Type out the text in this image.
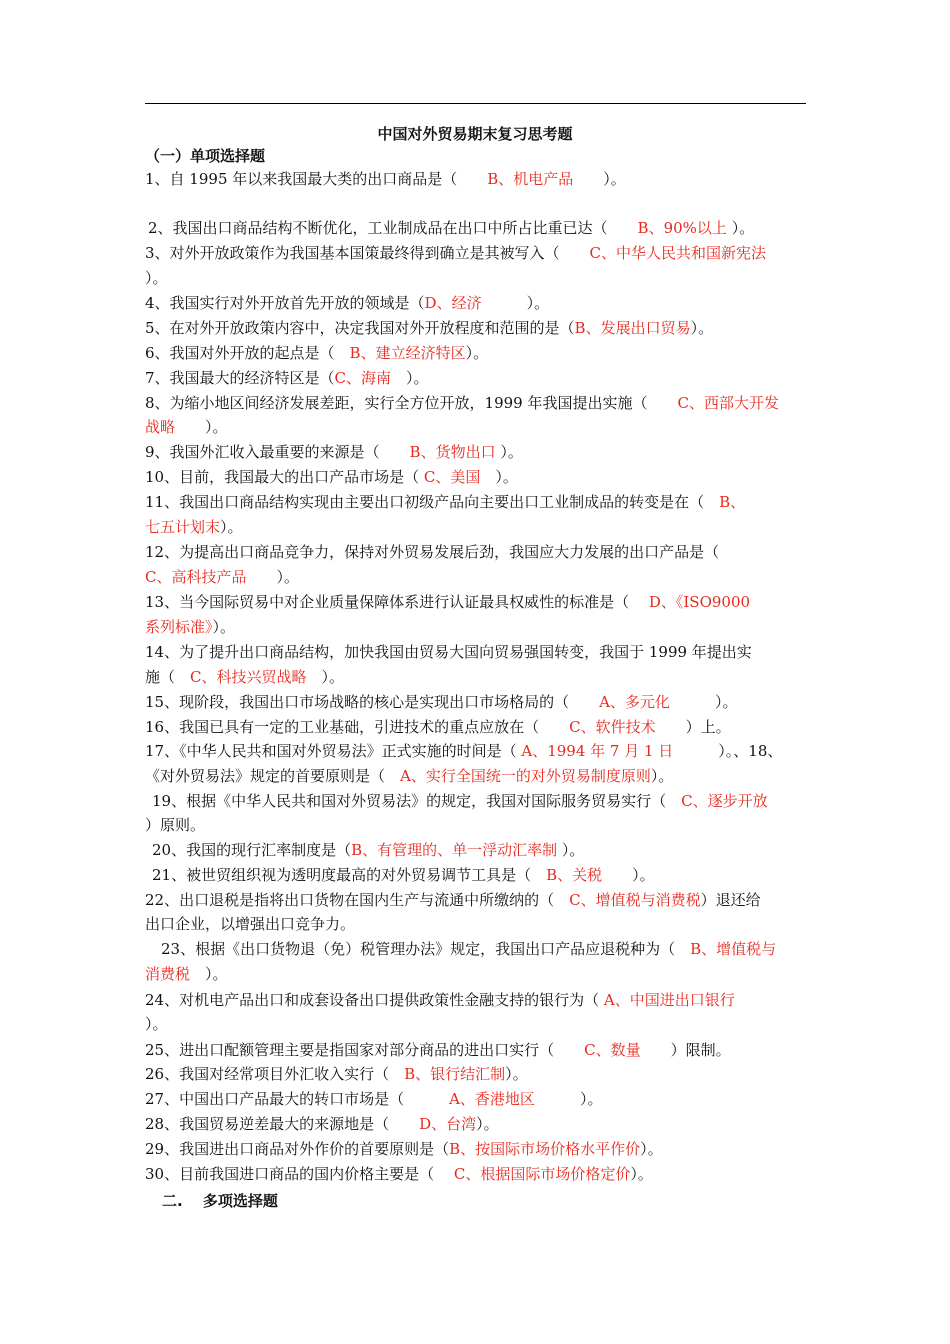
中国对外贸易期末复习思考题
（一）单项选择题
1、自 1995 年以来我国最大类的出口商品是（　　B、机电产品　　）。
2、我国出口商品结构不断优化，工业制成品在出口中所占比重已达（　　B、90%以上 ）。
3、对外开放政策作为我国基本国策最终得到确立是其被写入（　　C、中华人民共和国新宪法
）。
4、我国实行对外开放首先开放的领域是（D、经济　　　）。
5、在对外开放政策内容中，决定我国对外开放程度和范围的是（B、发展出口贸易）。
6、我国对外开放的起点是（　B、建立经济特区）。
7、我国最大的经济特区是（C、海南　）。
8、为缩小地区间经济发展差距，实行全方位开放，1999 年我国提出实施（　　C、西部大开发
战略　　）。
9、我国外汇收入最重要的来源是（　　B、货物出口 ）。
10、目前，我国最大的出口产品市场是（ C、美国　）。
11、我国出口商品结构实现由主要出口初级产品向主要出口工业制成品的转变是在（　B、
七五计划末）。
12、为提高出口商品竞争力，保持对外贸易发展后劲，我国应大力发展的出口产品是（
C、高科技产品　　）。
13、当今国际贸易中对企业质量保障体系进行认证最具权威性的标准是（　 D、《ISO9000
系列标准》）。
14、为了提升出口商品结构，加快我国由贸易大国向贸易强国转变，我国于 1999 年提出实
施（　C、科技兴贸战略　）。
15、现阶段，我国出口市场战略的核心是实现出口市场格局的（　　A、多元化　　　）。
16、我国已具有一定的工业基础，引进技术的重点应放在（　　C、软件技术　　）上。
17、《中华人民共和国对外贸易法》正式实施的时间是（ A、1994 年 7 月 1 日　　　）。、18、
《对外贸易法》规定的首要原则是（　A、实行全国统一的对外贸易制度原则）。
19、根据《中华人民共和国对外贸易法》的规定，我国对国际服务贸易实行（　C、逐步开放
）原则。
20、我国的现行汇率制度是（B、有管理的、单一浮动汇率制 ）。
21、被世贸组织视为透明度最高的对外贸易调节工具是（　B、关税　　）。
22、出口退税是指将出口货物在国内生产与流通中所缴纳的（　C、增值税与消费税）退还给
出口企业，以增强出口竞争力。
23、根据《出口货物退（免）税管理办法》规定，我国出口产品应退税种为（　B、增值税与
消费税　）。
24、对机电产品出口和成套设备出口提供政策性金融支持的银行为（ A、中国进出口银行
）。
25、进出口配额管理主要是指国家对部分商品的进出口实行（　　C、数量　　）限制。
26、我国对经常项目外汇收入实行（　B、银行结汇制）。
27、中国出口产品最大的转口市场是（　　　A、香港地区　　　）。
28、我国贸易逆差最大的来源地是（　　D、台湾）。
29、我国进出口商品对外作价的首要原则是（B、按国际市场价格水平作价）。
30、目前我国进口商品的国内价格主要是（　 C、根据国际市场价格定价）。
二.　 多项选择题
